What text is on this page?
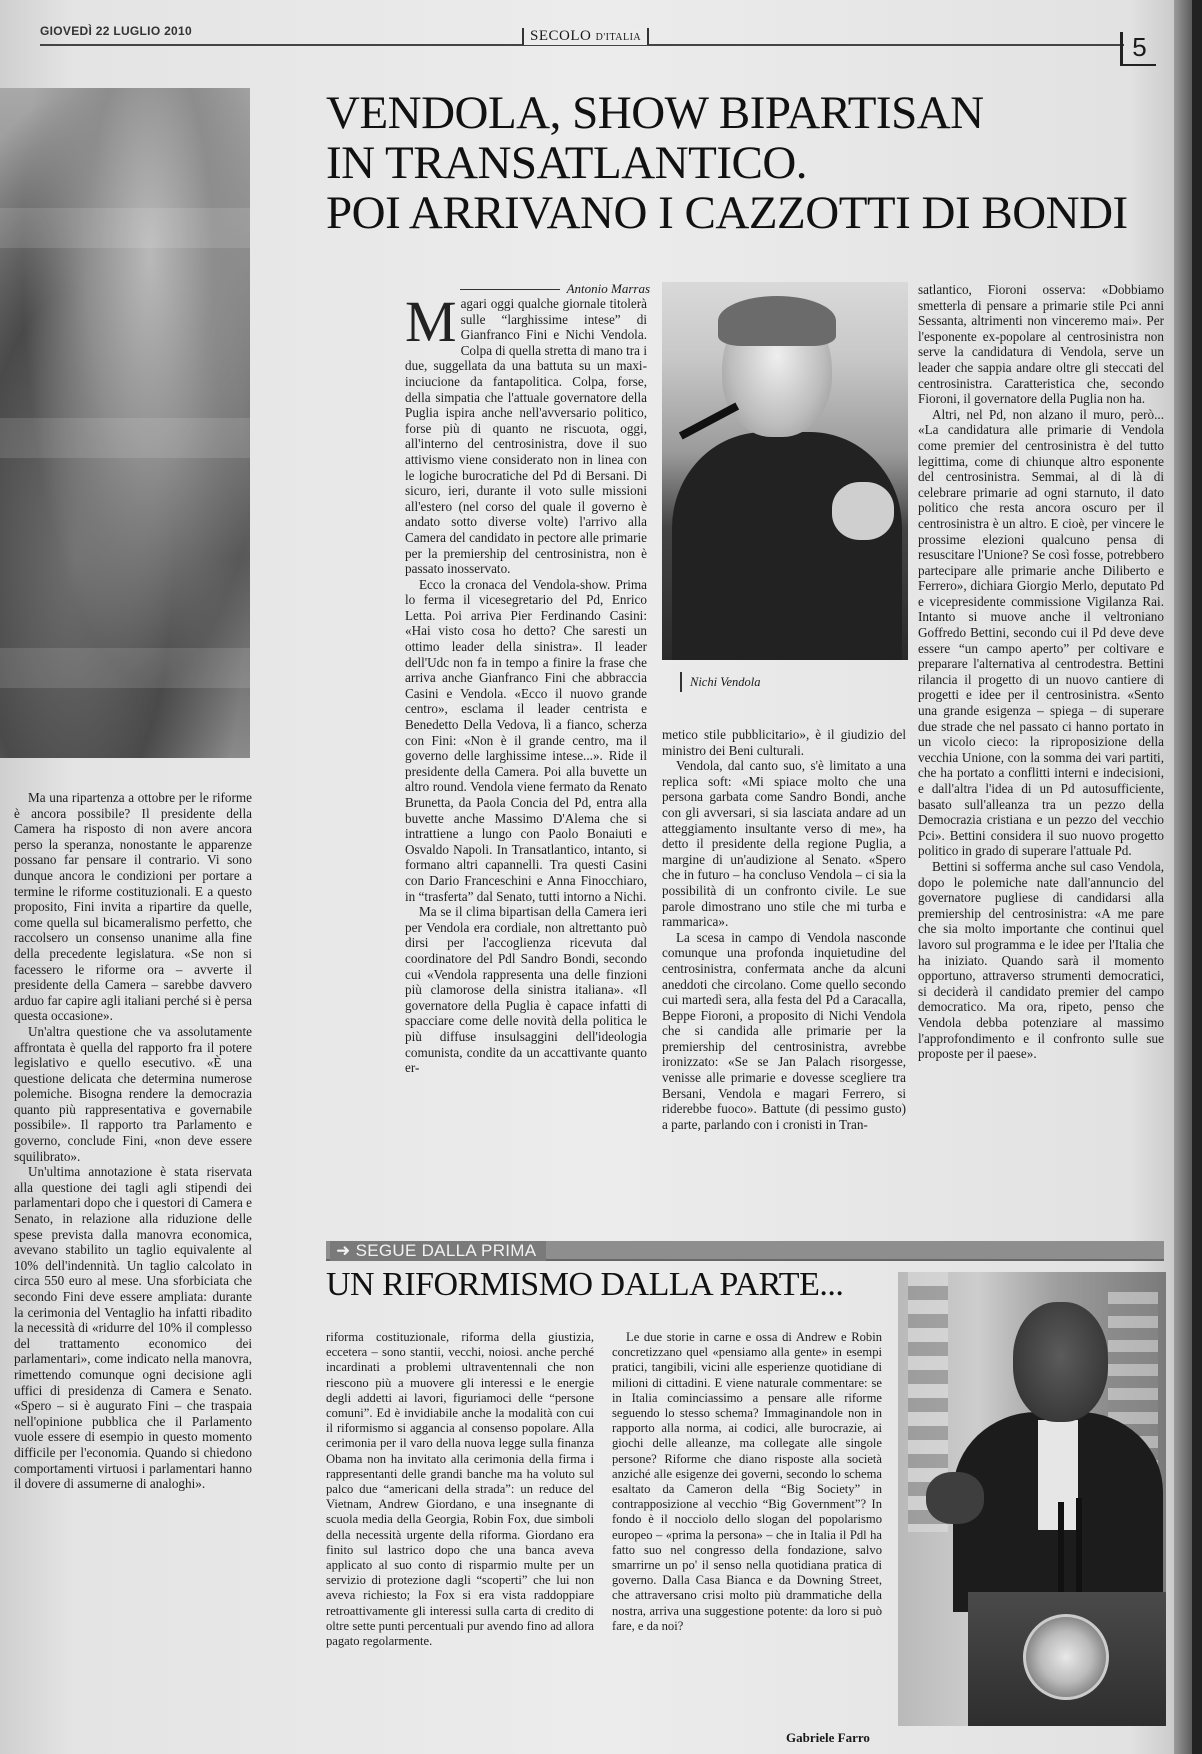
GIOVEDÌ 22 LUGLIO 2010	SECOLO D'ITALIA	5
VENDOLA, SHOW BIPARTISAN
IN TRANSATLANTICO.
POI ARRIVANO I CAZZOTTI DI BONDI
Antonio Marras

Magari oggi qualche giornale titolerà sulle “larghissime intese” di Gianfranco Fini e Nichi Vendola. Colpa di quella stretta di mano tra i due, suggellata da una battuta su un maxi-inciucione da fantapolitica. Colpa, forse, della simpatia che l'attuale governatore della Puglia ispira anche nell'avversario politico, forse più di quanto ne riscuota, oggi, all'interno del centrosinistra, dove il suo attivismo viene considerato non in linea con le logiche burocratiche del Pd di Bersani. Di sicuro, ieri, durante il voto sulle missioni all'estero (nel corso del quale il governo è andato sotto diverse volte) l'arrivo alla Camera del candidato in pectore alle primarie per la premiership del centrosinistra, non è passato inosservato.

Ecco la cronaca del Vendola-show. Prima lo ferma il vicesegretario del Pd, Enrico Letta. Poi arriva Pier Ferdinando Casini: «Hai visto cosa ho detto? Che saresti un ottimo leader della sinistra». Il leader dell'Udc non fa in tempo a finire la frase che arriva anche Gianfranco Fini che abbraccia Casini e Vendola. «Ecco il nuovo grande centro», esclama il leader centrista e Benedetto Della Vedova, lì a fianco, scherza con Fini: «Non è il grande centro, ma il governo delle larghissime intese...». Ride il presidente della Camera. Poi alla buvette un altro round. Vendola viene fermato da Renato Brunetta, da Paola Concia del Pd, entra alla buvette anche Massimo D'Alema che si intrattiene a lungo con Paolo Bonaiuti e Osvaldo Napoli. In Transatlantico, intanto, si formano altri capannelli. Tra questi Casini con Dario Franceschini e Anna Finocchiaro, in “trasferta” dal Senato, tutti intorno a Nichi.

Ma se il clima bipartisan della Camera ieri per Vendola era cordiale, non altrettanto può dirsi per l'accoglienza ricevuta dal coordinatore del Pdl Sandro Bondi, secondo cui «Vendola rappresenta una delle finzioni più clamorose della sinistra italiana». «Il governatore della Puglia è capace infatti di spacciare come delle novità della politica le più diffuse insulsaggini dell'ideologia comunista, condite da un accattivante quanto er-

Nichi Vendola

metico stile pubblicitario», è il giudizio del ministro dei Beni culturali.

Vendola, dal canto suo, s'è limitato a una replica soft: «Mi spiace molto che una persona garbata come Sandro Bondi, anche con gli avversari, si sia lasciata andare ad un atteggiamento insultante verso di me», ha detto il presidente della regione Puglia, a margine di un'audizione al Senato. «Spero che in futuro – ha concluso Vendola – ci sia la possibilità di un confronto civile. Le sue parole dimostrano uno stile che mi turba e rammarica».

La scesa in campo di Vendola nasconde comunque una profonda inquietudine del centrosinistra, confermata anche da alcuni aneddoti che circolano. Come quello secondo cui martedì sera, alla festa del Pd a Caracalla, Beppe Fioroni, a proposito di Nichi Vendola che si candida alle primarie per la premiership del centrosinistra, avrebbe ironizzato: «Se se Jan Palach risorgesse, venisse alle primarie e dovesse scegliere tra Bersani, Vendola e magari Ferrero, si riderebbe fuoco». Battute (di pessimo gusto) a parte, parlando con i cronisti in Tran-

satlantico, Fioroni osserva: «Dobbiamo smetterla di pensare a primarie stile Pci anni Sessanta, altrimenti non vinceremo mai». Per l'esponente ex-popolare al centrosinistra non serve la candidatura di Vendola, serve un leader che sappia andare oltre gli steccati del centrosinistra. Caratteristica che, secondo Fioroni, il governatore della Puglia non ha.

Altri, nel Pd, non alzano il muro, però... «La candidatura alle primarie di Vendola come premier del centrosinistra è del tutto legittima, come di chiunque altro esponente del centrosinistra. Semmai, al di là di celebrare primarie ad ogni starnuto, il dato politico che resta ancora oscuro per il centrosinistra è un altro. E cioè, per vincere le prossime elezioni qualcuno pensa di resuscitare l'Unione? Se così fosse, potrebbero partecipare alle primarie anche Diliberto e Ferrero», dichiara Giorgio Merlo, deputato Pd e vicepresidente commissione Vigilanza Rai. Intanto si muove anche il veltroniano Goffredo Bettini, secondo cui il Pd deve deve essere “un campo aperto” per coltivare e preparare l'alternativa al centrodestra. Bettini rilancia il progetto di un nuovo cantiere di progetti e idee per il centrosinistra. «Sento una grande esigenza – spiega – di superare due strade che nel passato ci hanno portato in un vicolo cieco: la riproposizione della vecchia Unione, con la somma dei vari partiti, che ha portato a conflitti interni e indecisioni, e dall'altra l'idea di un Pd autosufficiente, basato sull'alleanza tra un pezzo della Democrazia cristiana e un pezzo del vecchio Pci». Bettini considera il suo nuovo progetto politico in grado di superare l'attuale Pd.

Bettini si sofferma anche sul caso Vendola, dopo le polemiche nate dall'annuncio del governatore pugliese di candidarsi alla premiership del centrosinistra: «A me pare che sia molto importante che continui quel lavoro sul programma e le idee per l'Italia che ha iniziato. Quando sarà il momento opportuno, attraverso strumenti democratici, si deciderà il candidato premier del campo democratico. Ma ora, ripeto, penso che Vendola debba potenziare al massimo l'approfondimento e il confronto sulle sue proposte per il paese».

Ma una ripartenza a ottobre per le riforme è ancora possibile? Il presidente della Camera ha risposto di non avere ancora perso la speranza, nonostante le apparenze possano far pensare il contrario. Vi sono dunque ancora le condizioni per portare a termine le riforme costituzionali. E a questo proposito, Fini invita a ripartire da quelle, come quella sul bicameralismo perfetto, che raccolsero un consenso unanime alla fine della precedente legislatura. «Se non si facessero le riforme ora – avverte il presidente della Camera – sarebbe davvero arduo far capire agli italiani perché si è persa questa occasione».

Un'altra questione che va assolutamente affrontata è quella del rapporto fra il potere legislativo e quello esecutivo. «È una questione delicata che determina numerose polemiche. Bisogna rendere la democrazia quanto più rappresentativa e governabile possibile». Il rapporto tra Parlamento e governo, conclude Fini, «non deve essere squilibrato».

Un'ultima annotazione è stata riservata alla questione dei tagli agli stipendi dei parlamentari dopo che i questori di Camera e Senato, in relazione alla riduzione delle spese prevista dalla manovra economica, avevano stabilito un taglio equivalente al 10% dell'indennità. Un taglio calcolato in circa 550 euro al mese. Una sforbiciata che secondo Fini deve essere ampliata: durante la cerimonia del Ventaglio ha infatti ribadito la necessità di «ridurre del 10% il complesso del trattamento economico dei parlamentari», come indicato nella manovra, rimettendo comunque ogni decisione agli uffici di presidenza di Camera e Senato. «Spero – si è augurato Fini – che traspaia nell'opinione pubblica che il Parlamento vuole essere di esempio in questo momento difficile per l'economia. Quando si chiedono comportamenti virtuosi i parlamentari hanno il dovere di assumerne di analoghi».

➜ SEGUE DALLA PRIMA
UN RIFORMISMO DALLA PARTE...

riforma costituzionale, riforma della giustizia, eccetera – sono stantii, vecchi, noiosi. anche perché incardinati a problemi ultraventennali che non riescono più a muovere gli interessi e le energie degli addetti ai lavori, figuriamoci delle “persone comuni”. Ed è invidiabile anche la modalità con cui il riformismo si aggancia al consenso popolare. Alla cerimonia per il varo della nuova legge sulla finanza Obama non ha invitato alla cerimonia della firma i rappresentanti delle grandi banche ma ha voluto sul palco due “americani della strada”: un reduce del Vietnam, Andrew Giordano, e una insegnante di scuola media della Georgia, Robin Fox, due simboli della necessità urgente della riforma. Giordano era finito sul lastrico dopo che una banca aveva applicato al suo conto di risparmio multe per un servizio di protezione dagli “scoperti” che lui non aveva richiesto; la Fox si era vista raddoppiare retroattivamente gli interessi sulla carta di credito di oltre sette punti percentuali pur avendo fino ad allora pagato regolarmente.

Le due storie in carne e ossa di Andrew e Robin concretizzano quel «pensiamo alla gente» in esempi pratici, tangibili, vicini alle esperienze quotidiane di milioni di cittadini. E viene naturale commentare: se in Italia cominciassimo a pensare alle riforme seguendo lo stesso schema? Immaginandole non in rapporto alla norma, ai codici, alle burocrazie, ai giochi delle alleanze, ma collegate alle singole persone? Riforme che diano risposte alla società anziché alle esigenze dei governi, secondo lo schema esaltato da Cameron della “Big Society” in contrapposizione al vecchio “Big Government”? In fondo è il nocciolo dello slogan del popolarismo europeo – «prima la persona» – che in Italia il Pdl ha fatto suo nel congresso della fondazione, salvo smarrirne un po' il senso nella quotidiana pratica di governo. Dalla Casa Bianca e da Downing Street, che attraversano crisi molto più drammatiche della nostra, arriva una suggestione potente: da loro si può fare, e da noi?

Gabriele Farro
